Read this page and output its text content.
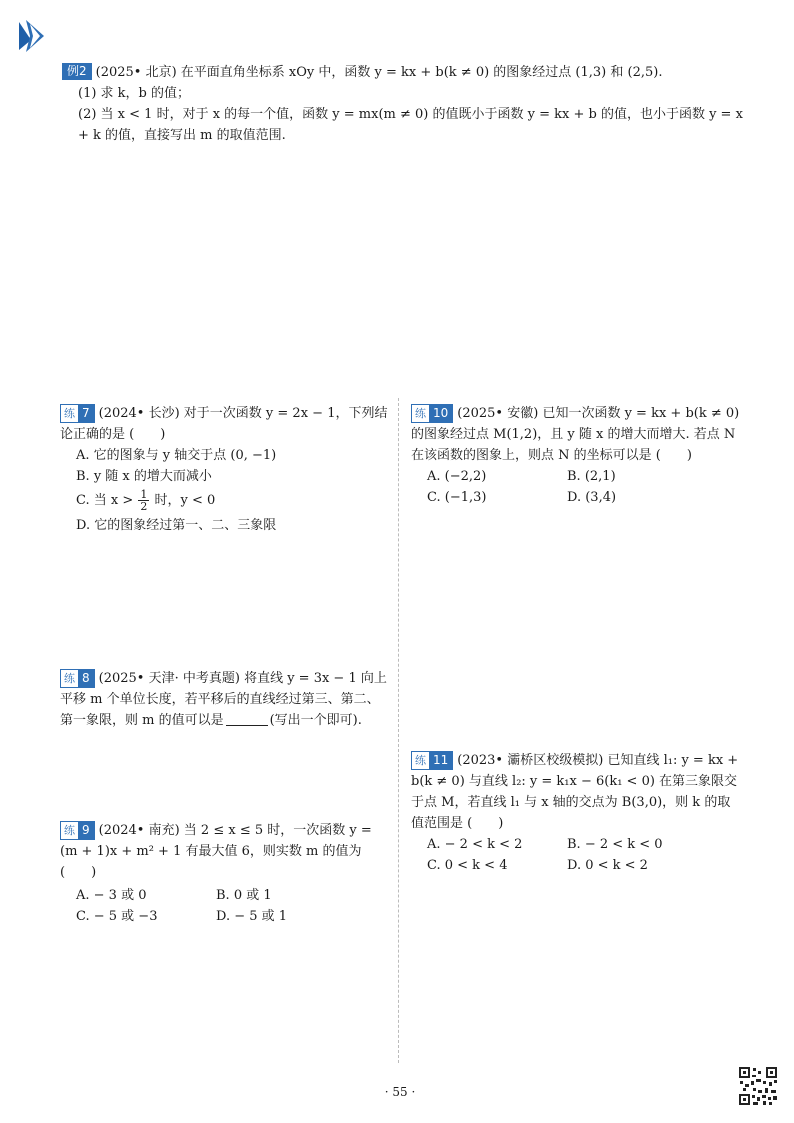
例2 (2025• 北京) 在平面直角坐标系 xOy 中，函数 y = kx + b(k ≠ 0) 的图象经过点 (1,3) 和 (2,5).
(1) 求 k，b 的值；
(2) 当 x < 1 时，对于 x 的每一个值，函数 y = mx(m ≠ 0) 的值既小于函数 y = kx + b 的值，也小于函数 y = x + k 的值，直接写出 m 的取值范围.
练 7 (2024• 长沙) 对于一次函数 y = 2x − 1，下列结论正确的是 (　　)
A. 它的图象与 y 轴交于点 (0, −1)
B. y 随 x 的增大而减小
C. 当 $x > \frac{1}{2}$ 时，y < 0
D. 它的图象经过第一、二、三象限
练 8 (2025• 天津· 中考真题) 将直线 y = 3x − 1 向上平移 m 个单位长度，若平移后的直线经过第三、第二、第一象限，则 m 的值可以是	(写出一个即可).
练 9 (2024• 南充) 当 2 ≤ x ≤ 5 时，一次函数 y = (m + 1)x + m² + 1 有最大值 6，则实数 m 的值为 (　　)
A. − 3 或 0	B. 0 或 1
C. − 5 或 −3	D. − 5 或 1
练 10 (2025• 安徽) 已知一次函数 y = kx + b(k ≠ 0) 的图象经过点 M(1,2)，且 y 随 x 的增大而增大. 若点 N 在该函数的图象上，则点 N 的坐标可以是 (　　)
A. (−2,2)	B. (2,1)
C. (−1,3)	D. (3,4)
练 11 (2023• 灞桥区校级模拟) 已知直线 l₁: y = kx + b(k ≠ 0) 与直线 l₂: y = k₁x − 6(k₁ < 0) 在第三象限交于点 M，若直线 l₁ 与 x 轴的交点为 B(3,0)，则 k 的取值范围是 (　　)
A. − 2 < k < 2	B. − 2 < k < 0
C. 0 < k < 4	D. 0 < k < 2
· 55 ·
